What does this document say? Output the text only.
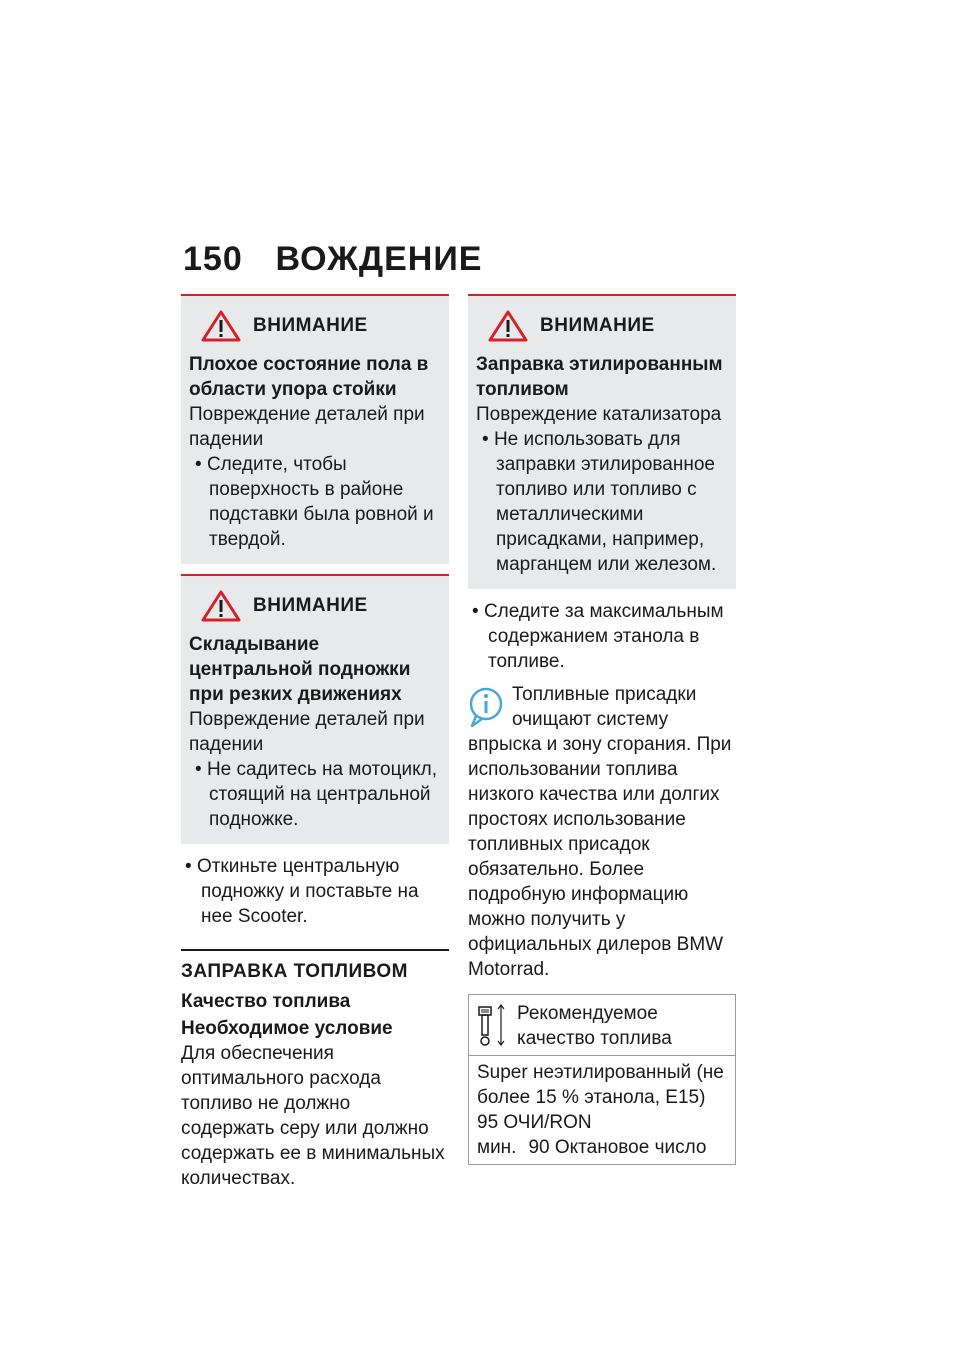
150 ВОЖДЕНИЕ
ВНИМАНИЕ
Плохое состояние пола в области упора стойки
Повреждение деталей при падении
• Следите, чтобы поверхность в районе подставки была ровной и твердой.
ВНИМАНИЕ
Складывание центральной подножки при резких движениях
Повреждение деталей при падении
• Не садитесь на мотоцикл, стоящий на центральной подножке.
• Откиньте центральную подножку и поставьте на нее Scooter.
ЗАПРАВКА ТОПЛИВОМ
Качество топлива
Необходимое условие
Для обеспечения оптимального расхода топливо не должно содержать серу или должно содержать ее в минимальных количествах.
ВНИМАНИЕ
Заправка этилированным топливом
Повреждение катализатора
• Не использовать для заправки этилированное топливо или топливо с металлическими присадками, например, марганцем или железом.
• Следите за максимальным содержанием этанола в топливе.
Топливные присадки очищают систему впрыска и зону сгорания. При использовании топлива низкого качества или долгих простоях использование топливных присадок обязательно. Более подробную информацию можно получить у официальных дилеров BMW Motorrad.
Рекомендуемое качество топлива
Super неэтилированный (не более 15 % этанола, E15)
95 ОЧИ/RON
мин. 90 Октановое число
